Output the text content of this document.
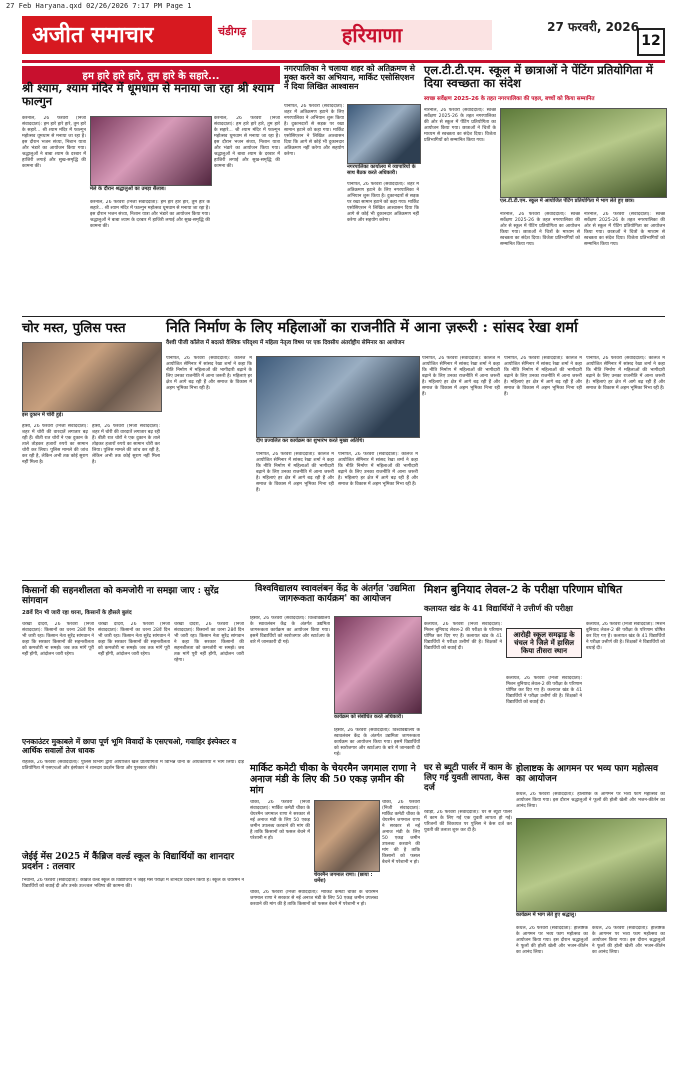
27 Feb Haryana.qxd 02/26/2026 7:17 PM Page 1
अजीत समाचार	चंडीगढ़	हरियाणा	27 फरवरी, 2026
12
हम हारे हारे हारे, तुम हारे के सहारे...
श्री श्याम, श्याम मंदिर में धूमधाम से मनाया जा रहा श्री श्याम फाल्गुन
करनाल, 26 फरवरी (निजी संवाददाता): हम हारे हारे हारे, तुम हारे के सहारे... श्री श्याम मंदिर में फाल्गुन महोत्सव धूमधाम से मनाया जा रहा है। इस दौरान भजन संध्या, निशान यात्रा और भंडारे का आयोजन किया गया। श्रद्धालुओं ने बाबा श्याम के दरबार में हाजिरी लगाई और सुख-समृद्धि की कामना की।
मेले के दौरान श्रद्धालुओं का उमड़ा सैलाब।
करनाल, 26 फरवरी (निजी संवाददाता): हम हारे हारे हारे, तुम हारे के सहारे... श्री श्याम मंदिर में फाल्गुन महोत्सव धूमधाम से मनाया जा रहा है। इस दौरान भजन संध्या, निशान यात्रा और भंडारे का आयोजन किया गया। श्रद्धालुओं ने बाबा श्याम के दरबार में हाजिरी लगाई और सुख-समृद्धि की कामना की।
करनाल, 26 फरवरी (निजी संवाददाता): हम हारे हारे हारे, तुम हारे के सहारे... श्री श्याम मंदिर में फाल्गुन महोत्सव धूमधाम से मनाया जा रहा है। इस दौरान भजन संध्या, निशान यात्रा और भंडारे का आयोजन किया गया। श्रद्धालुओं ने बाबा श्याम के दरबार में हाजिरी लगाई और सुख-समृद्धि की कामना की।
नगरपालिका ने चलाया शहर को अतिक्रमण से मुक्त करने का अभियान, मार्किट एसोसिएशन ने दिया लिखित आश्वासन
पानीपत, 26 फरवरी (संवाददाता): शहर में अतिक्रमण हटाने के लिए नगरपालिका ने अभियान शुरू किया है। दुकानदारों से सड़क पर रखा सामान हटाने को कहा गया। मार्किट एसोसिएशन ने लिखित आश्वासन दिया कि आगे से कोई भी दुकानदार अतिक्रमण नहीं करेगा और सहयोग करेगा।
नगरपालिका कार्यालय में व्यापारियों के साथ बैठक करते अधिकारी।
पानीपत, 26 फरवरी (संवाददाता): शहर में अतिक्रमण हटाने के लिए नगरपालिका ने अभियान शुरू किया है। दुकानदारों से सड़क पर रखा सामान हटाने को कहा गया। मार्किट एसोसिएशन ने लिखित आश्वासन दिया कि आगे से कोई भी दुकानदार अतिक्रमण नहीं करेगा और सहयोग करेगा।
एल.टी.टी.एम. स्कूल में छात्राओं ने पेंटिंग प्रतियोगिता में दिया स्वच्छता का संदेश
स्वच्छ सर्वेक्षण 2025-26 के तहत नगरपालिका की पहल, बच्चों को किया सम्मानित
नारनौल, 26 फरवरी (संवाददाता): स्वच्छ सर्वेक्षण 2025-26 के तहत नगरपालिका की ओर से स्कूल में पेंटिंग प्रतियोगिता का आयोजन किया गया। छात्राओं ने चित्रों के माध्यम से स्वच्छता का संदेश दिया। विजेता प्रतिभागियों को सम्मानित किया गया।
एल.टी.टी.एम. स्कूल में आयोजित पेंटिंग प्रतियोगिता में भाग लेते हुए छात्र।
नारनौल, 26 फरवरी (संवाददाता): स्वच्छ सर्वेक्षण 2025-26 के तहत नगरपालिका की ओर से स्कूल में पेंटिंग प्रतियोगिता का आयोजन किया गया। छात्राओं ने चित्रों के माध्यम से स्वच्छता का संदेश दिया। विजेता प्रतिभागियों को सम्मानित किया गया।
नारनौल, 26 फरवरी (संवाददाता): स्वच्छ सर्वेक्षण 2025-26 के तहत नगरपालिका की ओर से स्कूल में पेंटिंग प्रतियोगिता का आयोजन किया गया। छात्राओं ने चित्रों के माध्यम से स्वच्छता का संदेश दिया। विजेता प्रतिभागियों को सम्मानित किया गया।
चोर मस्त, पुलिस पस्त
इस दुकान में चोरी हुई।
हांसी, 26 फरवरी (निजी संवाददाता): शहर में चोरी की वारदातें लगातार बढ़ रही हैं। बीती रात चोरों ने एक दुकान के ताले तोड़कर हजारों रुपये का सामान चोरी कर लिया। पुलिस मामले की जांच कर रही है, लेकिन अभी तक कोई सुराग नहीं मिला है।
हांसी, 26 फरवरी (निजी संवाददाता): शहर में चोरी की वारदातें लगातार बढ़ रही हैं। बीती रात चोरों ने एक दुकान के ताले तोड़कर हजारों रुपये का सामान चोरी कर लिया। पुलिस मामले की जांच कर रही है, लेकिन अभी तक कोई सुराग नहीं मिला है।
निति निर्माण के लिए महिलाओं का राजनीति में आना ज़रूरी : सांसद रेखा शर्मा
वैश्वी पीजी कॉलेज में बदलते वैश्विक परिदृश्य में महिला नेतृत्व विषय पर एक दिवसीय अंतर्राष्ट्रीय सेमिनार का आयोजन
पानीपत, 26 फरवरी (संवाददाता): कॉलेज में आयोजित सेमिनार में सांसद रेखा शर्मा ने कहा कि नीति निर्माण में महिलाओं की भागीदारी बढ़ाने के लिए उनका राजनीति में आना जरूरी है। महिलाएं हर क्षेत्र में आगे बढ़ रही हैं और समाज के विकास में अहम भूमिका निभा रही हैं।
दीप प्रज्वलित कर कार्यक्रम का शुभारंभ करते मुख्य अतिथि।
पानीपत, 26 फरवरी (संवाददाता): कॉलेज में आयोजित सेमिनार में सांसद रेखा शर्मा ने कहा कि नीति निर्माण में महिलाओं की भागीदारी बढ़ाने के लिए उनका राजनीति में आना जरूरी है। महिलाएं हर क्षेत्र में आगे बढ़ रही हैं और समाज के विकास में अहम भूमिका निभा रही हैं।
पानीपत, 26 फरवरी (संवाददाता): कॉलेज में आयोजित सेमिनार में सांसद रेखा शर्मा ने कहा कि नीति निर्माण में महिलाओं की भागीदारी बढ़ाने के लिए उनका राजनीति में आना जरूरी है। महिलाएं हर क्षेत्र में आगे बढ़ रही हैं और समाज के विकास में अहम भूमिका निभा रही हैं।
पानीपत, 26 फरवरी (संवाददाता): कॉलेज में आयोजित सेमिनार में सांसद रेखा शर्मा ने कहा कि नीति निर्माण में महिलाओं की भागीदारी बढ़ाने के लिए उनका राजनीति में आना जरूरी है। महिलाएं हर क्षेत्र में आगे बढ़ रही हैं और समाज के विकास में अहम भूमिका निभा रही हैं।
पानीपत, 26 फरवरी (संवाददाता): कॉलेज में आयोजित सेमिनार में सांसद रेखा शर्मा ने कहा कि नीति निर्माण में महिलाओं की भागीदारी बढ़ाने के लिए उनका राजनीति में आना जरूरी है। महिलाएं हर क्षेत्र में आगे बढ़ रही हैं और समाज के विकास में अहम भूमिका निभा रही हैं।
पानीपत, 26 फरवरी (संवाददाता): कॉलेज में आयोजित सेमिनार में सांसद रेखा शर्मा ने कहा कि नीति निर्माण में महिलाओं की भागीदारी बढ़ाने के लिए उनका राजनीति में आना जरूरी है। महिलाएं हर क्षेत्र में आगे बढ़ रही हैं और समाज के विकास में अहम भूमिका निभा रही हैं।
किसानों की सहनशीलता को कमजोरी ना समझा जाए : सुरेंद्र सांगवान
28वें दिन भी जारी रहा धरना, किसानों के हौसले बुलंद
चरखी दादरी, 26 फरवरी (निजी संवाददाता): किसानों का धरना 28वें दिन भी जारी रहा। किसान नेता सुरेंद्र सांगवान ने कहा कि सरकार किसानों की सहनशीलता को कमजोरी ना समझे। जब तक मांगें पूरी नहीं होंगी, आंदोलन जारी रहेगा।
चरखी दादरी, 26 फरवरी (निजी संवाददाता): किसानों का धरना 28वें दिन भी जारी रहा। किसान नेता सुरेंद्र सांगवान ने कहा कि सरकार किसानों की सहनशीलता को कमजोरी ना समझे। जब तक मांगें पूरी नहीं होंगी, आंदोलन जारी रहेगा।
चरखी दादरी, 26 फरवरी (निजी संवाददाता): किसानों का धरना 28वें दिन भी जारी रहा। किसान नेता सुरेंद्र सांगवान ने कहा कि सरकार किसानों की सहनशीलता को कमजोरी ना समझे। जब तक मांगें पूरी नहीं होंगी, आंदोलन जारी रहेगा।
एनकाउंटर मुकाबले में छापा पूर्ण भूमि विवादों के एसएचओ, गवाहिर इंस्पेक्टर व आर्थिक सवालों तेज धावक
रोहतक, 26 फरवरी (संवाददाता): पुलिस विभाग द्वारा आयोजित खेल प्रतियोगिता में विभिन्न थानों के अधिकारियों ने भाग लिया। दौड़ प्रतियोगिता में एसएचओ और इंस्पेक्टर ने शानदार प्रदर्शन किया और पुरस्कार जीते।
जेईई मेंस 2025 में कैंब्रिज वर्ल्ड स्कूल के विद्यार्थियों का शानदार प्रदर्शन : तलवार
भिवानी, 26 फरवरी (संवाददाता): कैंब्रिज वर्ल्ड स्कूल के विद्यार्थियों ने जेईई मेंस परीक्षा में शानदार प्रदर्शन किया है। स्कूल के चेयरमैन ने विद्यार्थियों को बधाई दी और उनके उज्ज्वल भविष्य की कामना की।
विश्वविद्यालय स्वावलंबन केंद्र के अंतर्गत 'उद्यमिता जागरूकता कार्यक्रम' का आयोजन
हिसार, 26 फरवरी (संवाददाता): विश्वविद्यालय के स्वावलंबन केंद्र के अंतर्गत उद्यमिता जागरूकता कार्यक्रम का आयोजन किया गया। इसमें विद्यार्थियों को स्वरोजगार और स्टार्टअप के बारे में जानकारी दी गई।
कार्यक्रम को संबोधित करते अधिकारी।
हिसार, 26 फरवरी (संवाददाता): विश्वविद्यालय के स्वावलंबन केंद्र के अंतर्गत उद्यमिता जागरूकता कार्यक्रम का आयोजन किया गया। इसमें विद्यार्थियों को स्वरोजगार और स्टार्टअप के बारे में जानकारी दी गई।
मार्किट कमेटी चीका के चेयरमैन जगमाल राणा ने अनाज मंडी के लिए की 50 एकड़ ज़मीन की मांग
चीका, 26 फरवरी (निजी संवाददाता): मार्किट कमेटी चीका के चेयरमैन जगमाल राणा ने सरकार से नई अनाज मंडी के लिए 50 एकड़ जमीन उपलब्ध करवाने की मांग की है ताकि किसानों को फसल बेचने में परेशानी न हो।
चेयरमैन जगमाल राणा। (छाया : धर्मेश)
चीका, 26 फरवरी (निजी संवाददाता): मार्किट कमेटी चीका के चेयरमैन जगमाल राणा ने सरकार से नई अनाज मंडी के लिए 50 एकड़ जमीन उपलब्ध करवाने की मांग की है ताकि किसानों को फसल बेचने में परेशानी न हो।
चीका, 26 फरवरी (निजी संवाददाता): मार्किट कमेटी चीका के चेयरमैन जगमाल राणा ने सरकार से नई अनाज मंडी के लिए 50 एकड़ जमीन उपलब्ध करवाने की मांग की है ताकि किसानों को फसल बेचने में परेशानी न हो।
घर से ब्यूटी पार्लर में काम के लिए गई युवती लापता, केस दर्ज
रेवाड़ी, 26 फरवरी (संवाददाता): घर से ब्यूटी पार्लर में काम के लिए गई एक युवती लापता हो गई। परिजनों की शिकायत पर पुलिस ने केस दर्ज कर युवती की तलाश शुरू कर दी है।
मिशन बुनियाद लेवल-2 के परीक्षा परिणाम घोषित
कलायत खंड के 41 विद्यार्थियों ने उत्तीर्ण की परीक्षा
कलायत, 26 फरवरी (निजी संवाददाता): मिशन बुनियाद लेवल-2 की परीक्षा के परिणाम घोषित कर दिए गए हैं। कलायत खंड के 41 विद्यार्थियों ने परीक्षा उत्तीर्ण की है। शिक्षकों ने विद्यार्थियों को बधाई दी।
कलायत, 26 फरवरी (निजी संवाददाता): मिशन बुनियाद लेवल-2 की परीक्षा के परिणाम घोषित कर दिए गए हैं। कलायत खंड के 41 विद्यार्थियों ने परीक्षा उत्तीर्ण की है। शिक्षकों ने विद्यार्थियों को बधाई दी।
आरोही स्कूल समढ़ाड़ के चंचल ने जिले में हासिल किया तीसरा स्थान
कलायत, 26 फरवरी (निजी संवाददाता): मिशन बुनियाद लेवल-2 की परीक्षा के परिणाम घोषित कर दिए गए हैं। कलायत खंड के 41 विद्यार्थियों ने परीक्षा उत्तीर्ण की है। शिक्षकों ने विद्यार्थियों को बधाई दी।
होलाष्टक के आगमन पर भव्य फाग महोत्सव का आयोजन
कैथल, 26 फरवरी (संवाददाता): होलाष्टक के आगमन पर भव्य फाग महोत्सव का आयोजन किया गया। इस दौरान श्रद्धालुओं ने फूलों की होली खेली और भजन-कीर्तन का आनंद लिया।
कार्यक्रम में भाग लेते हुए श्रद्धालु।
कैथल, 26 फरवरी (संवाददाता): होलाष्टक के आगमन पर भव्य फाग महोत्सव का आयोजन किया गया। इस दौरान श्रद्धालुओं ने फूलों की होली खेली और भजन-कीर्तन का आनंद लिया।
कैथल, 26 फरवरी (संवाददाता): होलाष्टक के आगमन पर भव्य फाग महोत्सव का आयोजन किया गया। इस दौरान श्रद्धालुओं ने फूलों की होली खेली और भजन-कीर्तन का आनंद लिया।
